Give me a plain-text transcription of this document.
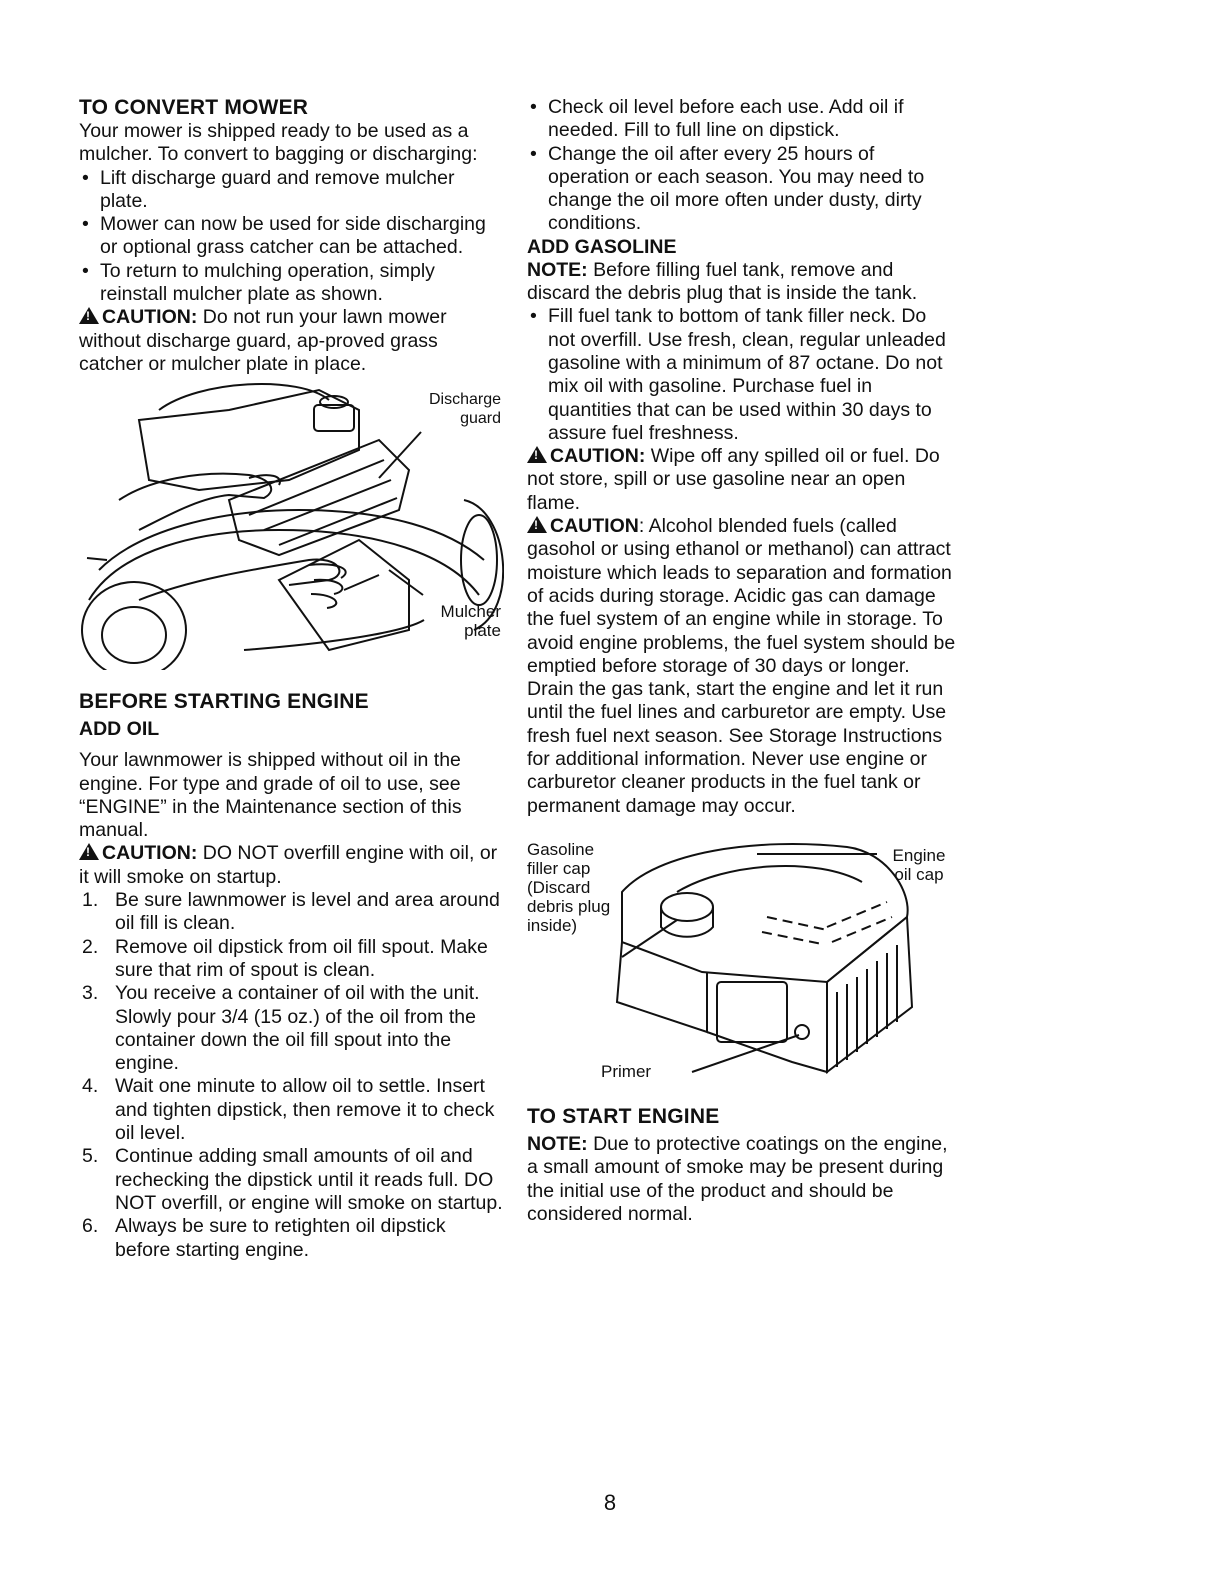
TO CONVERT MOWER

Your mower is shipped ready to be used as a mulcher. To convert to bagging or discharging:

• Lift discharge guard and remove mulcher plate.
• Mower can now be used for side discharging or optional grass catcher can be attached.
• To return to mulching operation, simply reinstall mulcher plate as shown.

!CAUTION: Do not run your lawn mower without discharge guard, ap-proved grass catcher or mulcher plate in place.

Discharge guard
Mulcher plate
BEFORE STARTING ENGINE
ADD OIL

Your lawnmower is shipped without oil in the engine. For type and grade of oil to use, see “ENGINE” in the Maintenance section of this manual.

!CAUTION: DO NOT overfill engine with oil, or it will smoke on startup.

1. Be sure lawnmower is level and area around oil fill is clean.
2. Remove oil dipstick from oil fill spout. Make sure that rim of spout is clean.
3. You receive a container of oil with the unit. Slowly pour 3/4 (15 oz.) of the oil from the container down the oil fill spout into the engine.
4. Wait one minute to allow oil to settle. Insert and tighten dipstick, then remove it to check oil level.
5. Continue adding small amounts of oil and rechecking the dipstick until it reads full. DO NOT overfill, or engine will smoke on startup.
6. Always be sure to retighten oil dipstick before starting engine.
• Check oil level before each use. Add oil if needed. Fill to full line on dipstick.
• Change the oil after every 25 hours of operation or each season. You may need to change the oil more often under dusty, dirty conditions.
ADD GASOLINE

NOTE: Before filling fuel tank, remove and discard the debris plug that is inside the tank.

• Fill fuel tank to bottom of tank filler neck. Do not overfill. Use fresh, clean, regular unleaded gasoline with a minimum of 87 octane. Do not mix oil with gasoline. Purchase fuel in quantities that can be used within 30 days to assure fuel freshness.

!CAUTION: Wipe off any spilled oil or fuel. Do not store, spill or use gasoline near an open flame.

!CAUTION: Alcohol blended fuels (called gasohol or using ethanol or methanol) can attract moisture which leads to separation and formation of acids during storage. Acidic gas can damage the fuel system of an engine while in storage. To avoid engine problems, the fuel system should be emptied before storage of 30 days or longer. Drain the gas tank, start the engine and let it run until the fuel lines and carburetor are empty. Use fresh fuel next season. See Storage Instructions for additional information. Never use engine or carburetor cleaner products in the fuel tank or permanent damage may occur.

Gasoline filler cap (Discard debris plug inside)
Engine oil cap
Primer
TO START ENGINE

NOTE: Due to protective coatings on the engine, a small amount of smoke may be present during the initial use of the product and should be considered normal.

8
